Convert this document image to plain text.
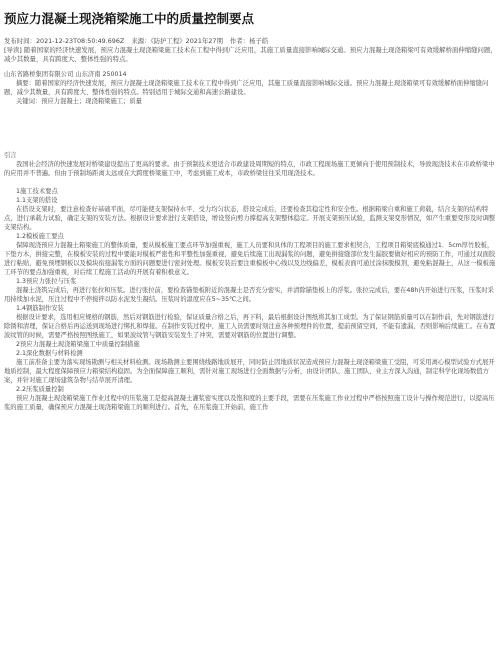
预应力混凝土现浇箱梁施工中的质量控制要点
发布时间：2021-12-23T08:50:49.696Z 来源：《防护工程》2021年27期 作者：杨子皓
[导读] 随着国家的经济快速发展，预应力混凝土现浇箱梁施工技术在工程中得到广泛应用，其施工质量直接影响城际交通。预应力混凝土现浇箱梁可有效缓解桥面伸缩缝问题，减少其数量，具有跨度大、整体性强的特点。

山东省路桥集团有限公司 山东济南 250014

摘要：随着国家的经济快速发展，预应力混凝土现浇箱梁施工技术在工程中得到广泛应用，其施工质量直接影响城际交通。预应力混凝土现浇箱梁可有效缓解桥面伸缩缝问题，减少其数量，具有跨度大、整体性强的特点。特别适用于城际交通和高速公路建设。

关键词：预应力混凝土；现浇箱梁施工；质量

引言

我国社会经济的快速发展对桥梁建设提出了更高的要求。由于预制技术更适合市政建设周期短的特点，市政工程现场施工更倾向于使用预制技术，导致现浇技术在市政桥梁中的应用并不普遍。但由于预制场距离太远或在大跨度桥梁施工中，考虑到施工成本，市政桥梁往往采用现浇技术。

1施工技术要点

1.1支架的搭设

在搭设支架时，要注意检查好基础平面，尽可能使支架保持水平、受力均匀状态，搭设完成后，还要检查其稳定性和安全性。根据箱梁自重和施工荷载，结合支架的结构特点，进行承载力试验，确定支架的安装方法。根据设计要求进行支架搭设，增设竖向剪力撑提高支架整体稳定。开展支架预压试验，监测支架变形情况，如产生重要变形及时调整支架结构。

1.2模板施工要点

保障现浇预应力混凝土箱梁施工的整体质量，要从模板施工要点环节加强重视，施工人员要和具体的工程项目的施工要求相契合，工程项目箱梁底模通过1．5cm厚竹胶板，下垫方木，拼接完整，在模板安装的过程中要能对模板严密性和平整性加强重视，避免后续施工出现漏浆的问题，避免拼接缝部位发生漏胶要做好相应的预防工作，可通过双面胶进行粘贴，避免预埋钢板以及模块衔接漏浆方面的问题要进行密封处理。模板安装后要注重模板中心线以及边线偏差，模板表面可通过涂抹脱模剂，避免粘混凝土，从这一模板施工环节的要点加强重视，对后续工程施工活动的开展有着积极意义。

1.3预应力张拉与压浆

混凝土浇筑完成后，再进行张拉和压浆。进行张拉前，要检查锚垫板附近的混凝土是否充分密实，并清除锚垫板上的浮浆。张拉完成后，要在48h内开始进行压浆，压浆时采用持续加水泥，压注过程中不停搅拌以防水泥发生凝结。压浆时的温度应在5~35℃之间。

1.4钢筋制作安装

根据设计要求，选用相应规格的钢筋，然后对钢筋进行检验，保证质量合格之后，再下料，最后根据设计图纸将其加工成型。为了保证钢筋质量可以在制作前，先对钢筋进行除锈和清理，保证合格后再运送到现场进行绑扎和焊接。在制作安装过程中，施工人员需要时刻注意各种预埋件的位置，提前预留空间，不能有遗漏，否则影响后续施工。在布置波纹管的时候，需要严格按照图纸施工，如果波纹管与钢筋安装发生了冲突，需要对钢筋的位置进行调整。

2预应力混凝土现浇箱梁施工中质量控制措施

2.1深化数据与材料检测

施工前准备主要为落实现场勘测与相关材料检测。现场勘测主要围绕线路地质展开，同时防止因地质状况造成预应力混凝土现浇箱梁施工受阻，可采用离心模型试验方式展开地质控制，最大程度保障预应力箱梁结构稳固。为全面保障施工顺利，需针对施工现场进行全面数据与分析，由设计团队、施工团队、业主方深入沟通，制定科学化现场数值方案，并针对施工现场建筑杂物与结草展开清理。

2.2压浆质量控制

预应力混凝土现浇箱梁施工作业过程中的压浆施工是提高混凝土灌浆密实度以及饱和度的主要手段，需要在压浆施工作业过程中严格按照施工设计与操作规范进行，以提高压浆的施工质量，确保预应力混凝土现浇箱梁施工的顺利进行。首先，在压浆施工开始前，施工作
